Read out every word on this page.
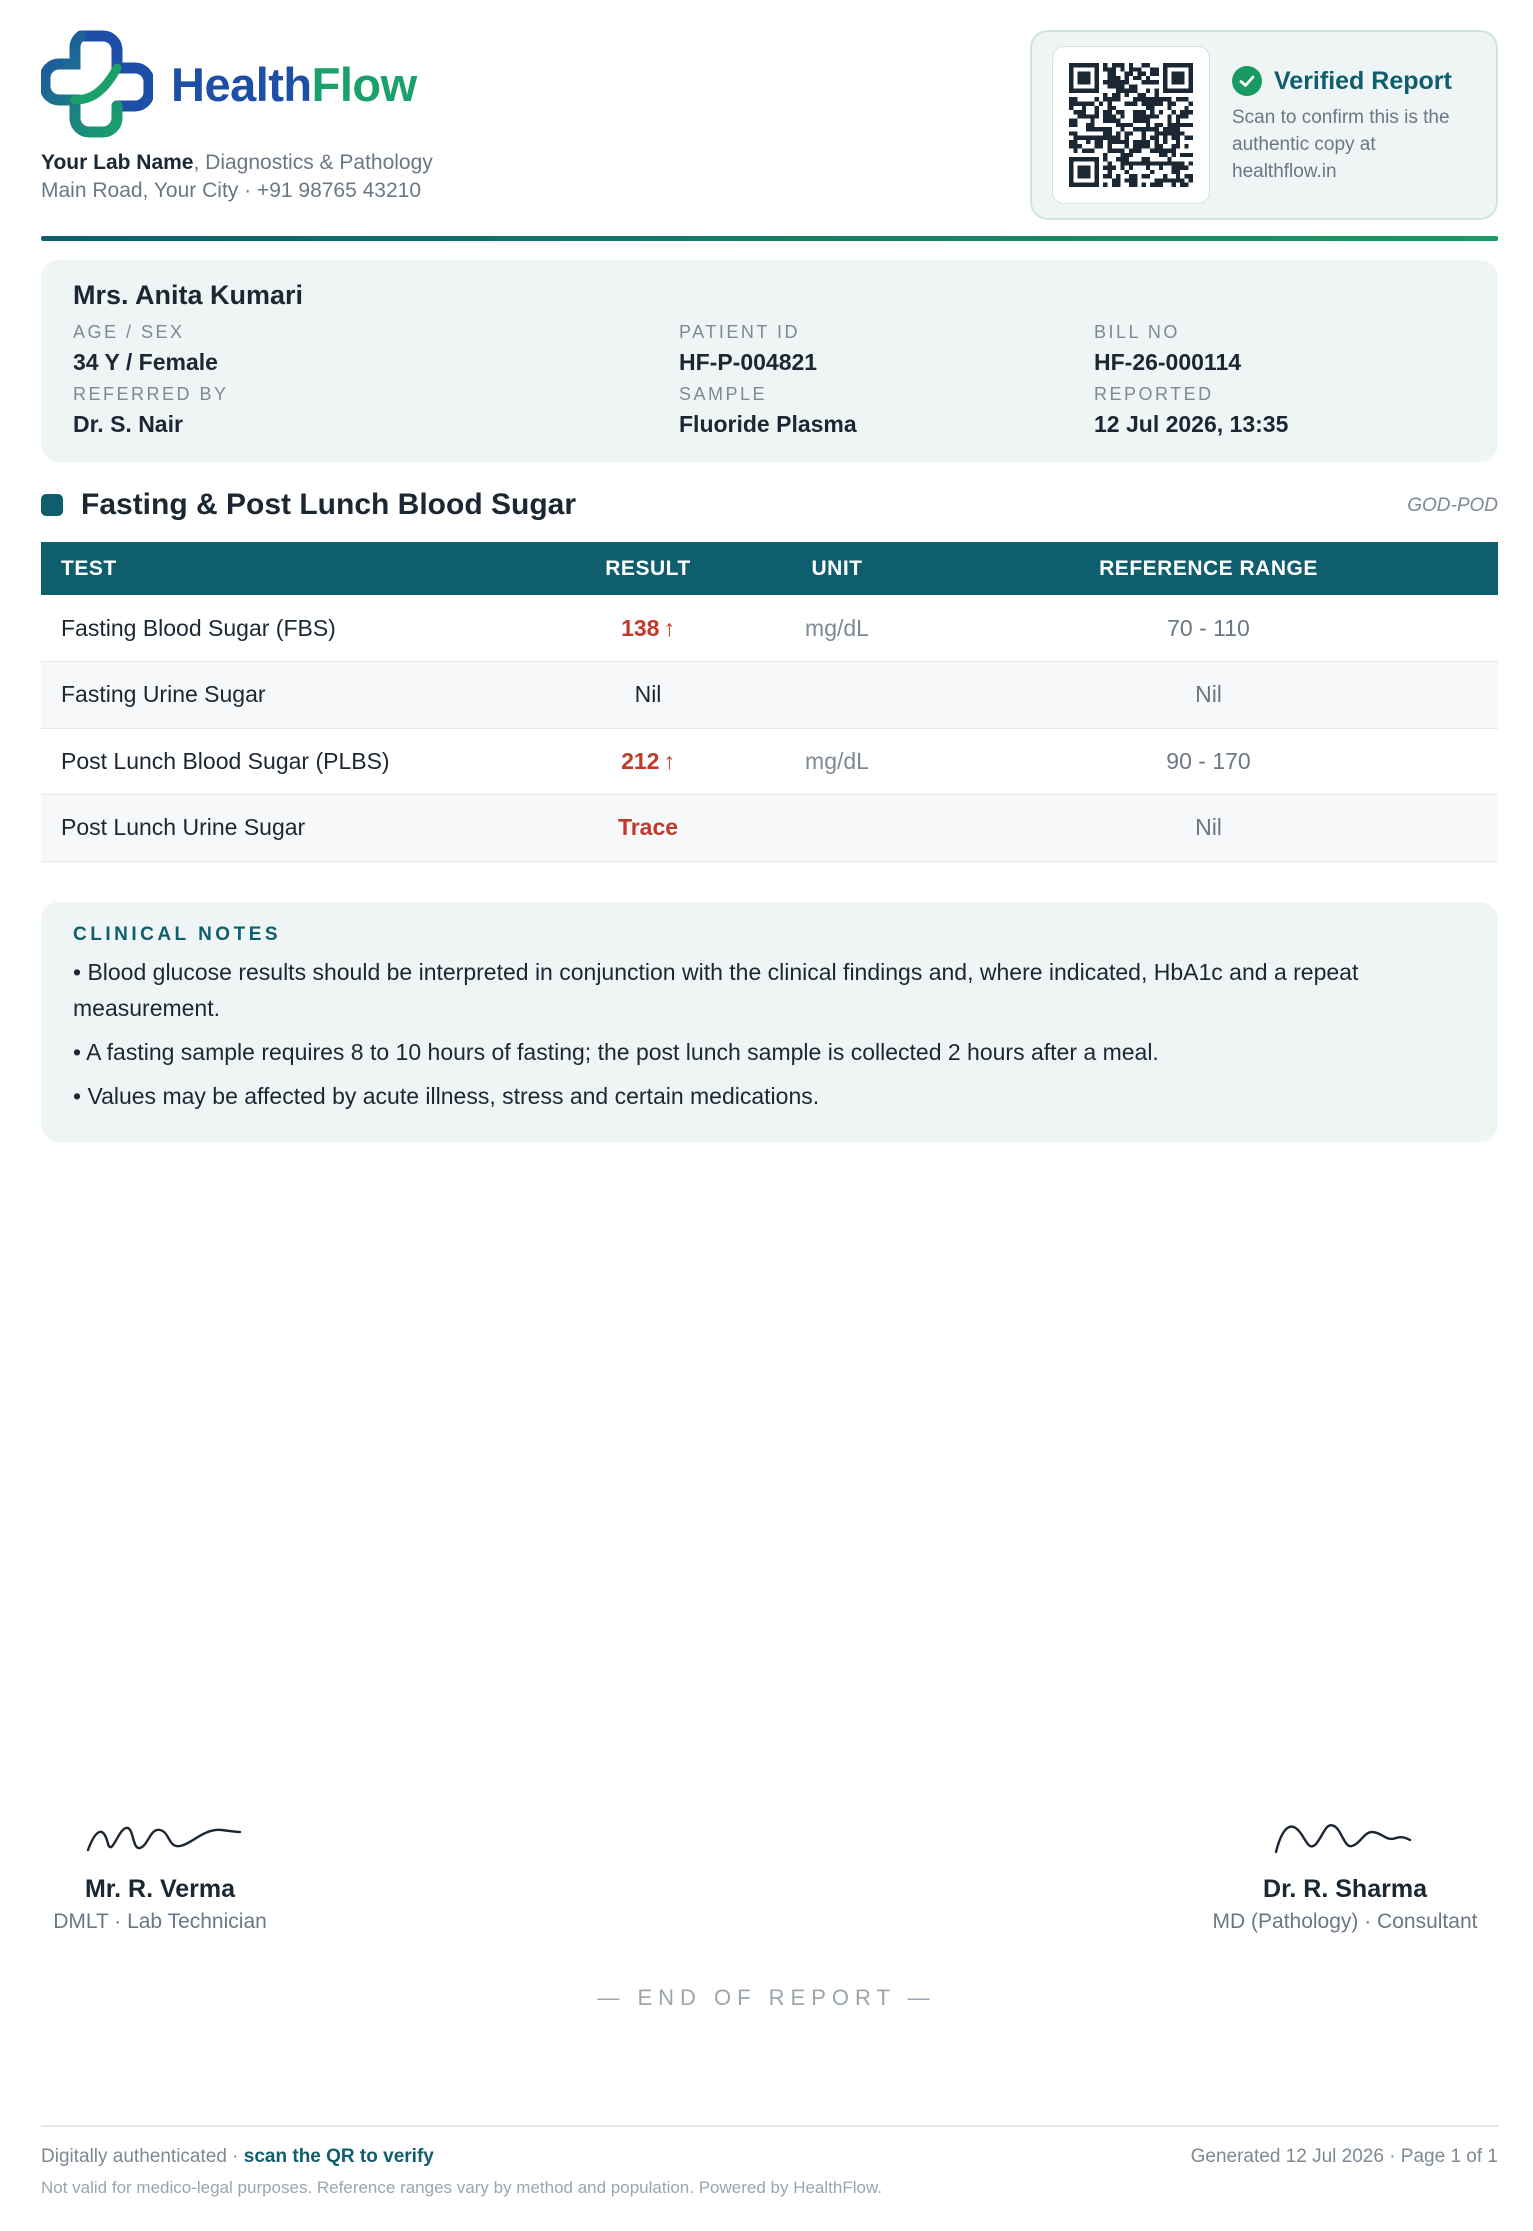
HealthFlow
Your Lab Name, Diagnostics & Pathology
Main Road, Your City · +91 98765 43210
Verified Report
Scan to confirm this is the authentic copy at healthflow.in
Mrs. Anita Kumari
AGE / SEX
34 Y / Female
REFERRED BY
Dr. S. Nair
PATIENT ID
HF-P-004821
SAMPLE
Fluoride Plasma
BILL NO
HF-26-000114
REPORTED
12 Jul 2026, 13:35
Fasting & Post Lunch Blood Sugar	GOD-POD
TEST	RESULT	UNIT	REFERENCE RANGE
Fasting Blood Sugar (FBS)	138 ↑	mg/dL	70 - 110
Fasting Urine Sugar	Nil		Nil
Post Lunch Blood Sugar (PLBS)	212 ↑	mg/dL	90 - 170
Post Lunch Urine Sugar	Trace		Nil
CLINICAL NOTES
• Blood glucose results should be interpreted in conjunction with the clinical findings and, where indicated, HbA1c and a repeat measurement.
• A fasting sample requires 8 to 10 hours of fasting; the post lunch sample is collected 2 hours after a meal.
• Values may be affected by acute illness, stress and certain medications.
Mr. R. Verma
DMLT · Lab Technician
Dr. R. Sharma
MD (Pathology) · Consultant
— END OF REPORT —
Digitally authenticated · scan the QR to verify
Not valid for medico-legal purposes. Reference ranges vary by method and population. Powered by HealthFlow.
Generated 12 Jul 2026 · Page 1 of 1
